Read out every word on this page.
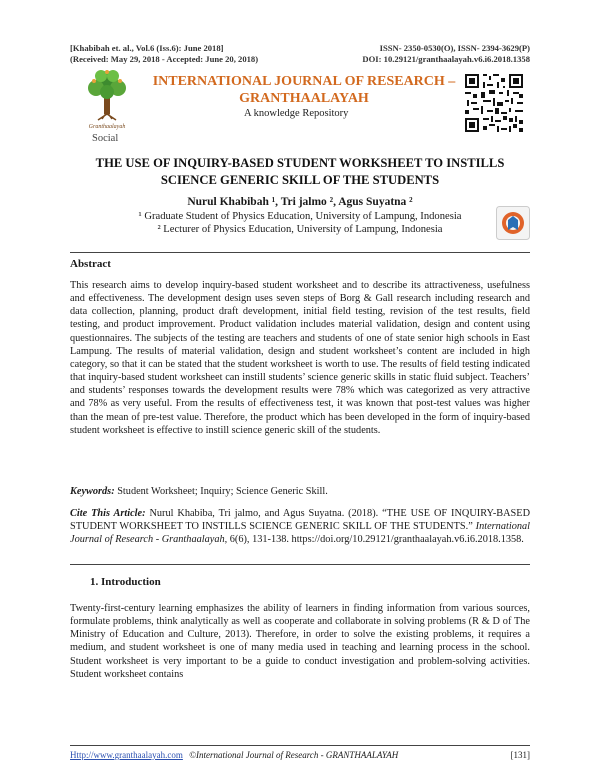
[Khabibah et. al., Vol.6 (Iss.6): June 2018]
(Received: May 29, 2018 - Accepted: June 20, 2018)
ISSN- 2350-0530(O), ISSN- 2394-3629(P)
DOI: 10.29121/granthaalayah.v6.i6.2018.1358
Granthaalayah
Social
INTERNATIONAL JOURNAL OF RESEARCH –
GRANTHAALAYAH
A knowledge Repository
THE USE OF INQUIRY-BASED STUDENT WORKSHEET TO INSTILLS
SCIENCE GENERIC SKILL OF THE STUDENTS
Nurul Khabibah ¹, Tri jalmo ², Agus Suyatna ²
¹ Graduate Student of Physics Education, University of Lampung, Indonesia
² Lecturer of Physics Education, University of Lampung, Indonesia
Abstract

This research aims to develop inquiry-based student worksheet and to describe its attractiveness, usefulness and effectiveness. The development design uses seven steps of Borg & Gall research including research and data collection, planning, product draft development, initial field testing, revision of the test results, field testing, and product improvement. Product validation includes material validation, design and content using questionnaires. The subjects of the testing are teachers and students of one of state senior high schools in East Lampung. The results of material validation, design and student worksheet’s content are included in high category, so that it can be stated that the student worksheet is worth to use. The results of field testing indicated that inquiry-based student worksheet can instill students’ science generic skills in static fluid subject. Teachers’ and students’ responses towards the development results were 78% which was categorized as very attractive and 78% as very useful. From the results of effectiveness test, it was known that post-test values was higher than the mean of pre-test value. Therefore, the product which has been developed in the form of inquiry-based student worksheet is effective to instill science generic skill of the students.

Keywords: Student Worksheet; Inquiry; Science Generic Skill.

Cite This Article: Nurul Khabiba, Tri jalmo, and Agus Suyatna. (2018). “THE USE OF INQUIRY-BASED STUDENT WORKSHEET TO INSTILLS SCIENCE GENERIC SKILL OF THE STUDENTS.” International Journal of Research - Granthaalayah, 6(6), 131-138. https://doi.org/10.29121/granthaalayah.v6.i6.2018.1358.

1. Introduction

Twenty-first-century learning emphasizes the ability of learners in finding information from various sources, formulate problems, think analytically as well as cooperate and collaborate in solving problems (R & D of The Ministry of Education and Culture, 2013). Therefore, in order to solve the existing problems, it requires a medium, and student worksheet is one of many media used in teaching and learning process in the school. Student worksheet is very important to be a guide to conduct investigation and problem-solving activities. Student worksheet contains

Http://www.granthaalayah.com ©International Journal of Research - GRANTHAALAYAH	[131]
